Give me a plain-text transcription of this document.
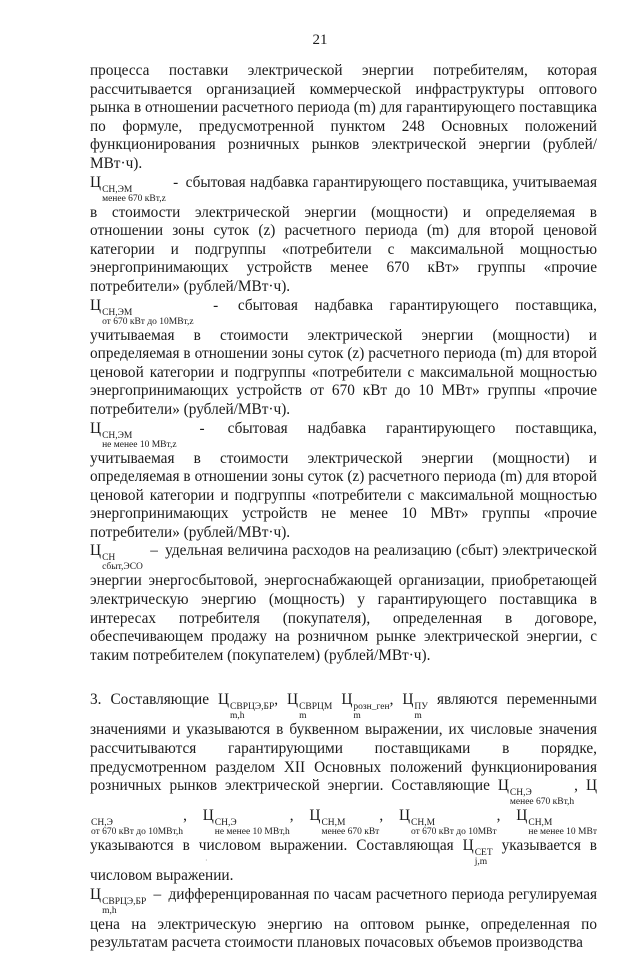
21

процесса поставки электрической энергии потребителям, которая рассчитывается организацией коммерческой инфраструктуры оптового рынка в отношении расчетного периода (m) для гарантирующего поставщика по формуле, предусмотренной пунктом 248 Основных положений функционирования розничных рынков электрической энергии (рублей/МВт·ч).

Ц СН,ЭМ
менее 670 кВт,z
- сбытовая надбавка гарантирующего поставщика, учитываемая в стоимости электрической энергии (мощности) и определяемая в отношении зоны суток (z) расчетного периода (m) для второй ценовой категории и подгруппы «потребители с максимальной мощностью энергопринимающих устройств менее 670 кВт» группы «прочие потребители» (рублей/МВт·ч).

Ц СН,ЭМ
от 670 кВт до 10МВт,z
- сбытовая надбавка гарантирующего поставщика, учитываемая в стоимости электрической энергии (мощности) и определяемая в отношении зоны суток (z) расчетного периода (m) для второй ценовой категории и подгруппы «потребители с максимальной мощностью энергопринимающих устройств от 670 кВт до 10 МВт» группы «прочие потребители» (рублей/МВт·ч).

Ц СН,ЭМ
не менее 10 МВт,z
- сбытовая надбавка гарантирующего поставщика, учитываемая в стоимости электрической энергии (мощности) и определяемая в отношении зоны суток (z) расчетного периода (m) для второй ценовой категории и подгруппы «потребители с максимальной мощностью энергопринимающих устройств не менее 10 МВт» группы «прочие потребители» (рублей/МВт·ч).

Ц СН
сбыт,ЭСО
– удельная величина расходов на реализацию (сбыт) электрической энергии энергосбытовой, энергоснабжающей организации, приобретающей электрическую энергию (мощность) у гарантирующего поставщика в интересах потребителя (покупателя), определенная в договоре, обеспечивающем продажу на розничном рынке электрической энергии, с таким потребителем (покупателем) (рублей/МВт·ч).

3. Составляющие Ц СВРЦЭ,БР
m,h
, Ц СВРЦМ
m
Ц розн_ген
m
, Ц ПУ
m
являются переменными значениями и указываются в буквенном выражении, их числовые значения рассчитываются гарантирующими поставщиками в порядке, предусмотренном разделом XII Основных положений функционирования розничных рынков электрической энергии. Составляющие Ц СН,Э
менее 670 кВт,h
, Ц
СН,Э
от 670 кВт до 10МВт,h
, Ц СН,Э
не менее 10 МВт,h
, Ц СН,М
менее 670 кВт
, Ц СН,М
от 670 кВт до 10МВт
, Ц СН,М
не менее 10 МВт
указываются в числовом выражении. Составляющая Ц СЕТ
j,m
указывается в числовом выражении.

Ц СВРЦЭ,БР
m,h
– дифференцированная по часам расчетного периода регулируемая цена на электрическую энергию на оптовом рынке, определенная по результатам расчета стоимости плановых почасовых объемов производства

·
